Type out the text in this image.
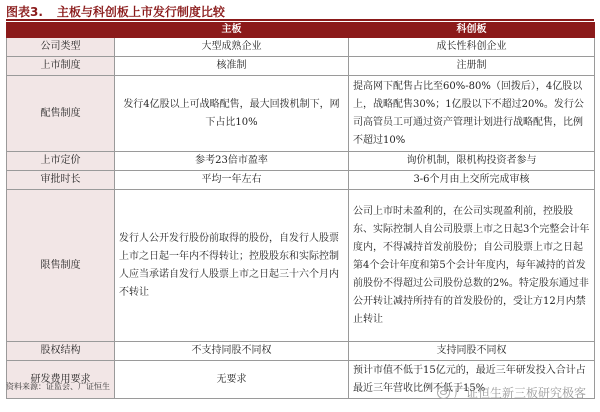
图表3. 主板与科创板上市发行制度比较
	主板	科创板
公司类型	大型成熟企业	成长性科创企业
上市制度	核准制	注册制
配售制度	发行4亿股以上可战略配售，最大回拨机制下，网下占比10%	提高网下配售占比至60%-80%（回拨后），4亿股以上，战略配售30%；1亿股以下不超过20%。发行公司高管员工可通过资产管理计划进行战略配售，比例不超过10%
上市定价	参考23倍市盈率	询价机制，限机构投资者参与
审批时长	平均一年左右	3-6个月由上交所完成审核
限售制度	发行人公开发行股份前取得的股份，自发行人股票上市之日起一年内不得转让；控股股东和实际控制人应当承诺自发行人股票上市之日起三十六个月内不转让	公司上市时未盈利的，在公司实现盈利前，控股股东、实际控制人自公司股票上市之日起3个完整会计年度内，不得减持首发前股份；自公司股票上市之日起第4个会计年度和第5个会计年度内，每年减持的首发前股份不得超过公司股份总数的2%。特定股东通过非公开转让减持所持有的首发股份的，受让方12月内禁止转让
股权结构	不支持同股不同权	支持同股不同权
研发费用要求	无要求	预计市值不低于15亿元的，最近三年研发投入合计占最近三年营收比例不低于15%
资料来源：证监会、广证恒生	广证恒生新三板研究极客
